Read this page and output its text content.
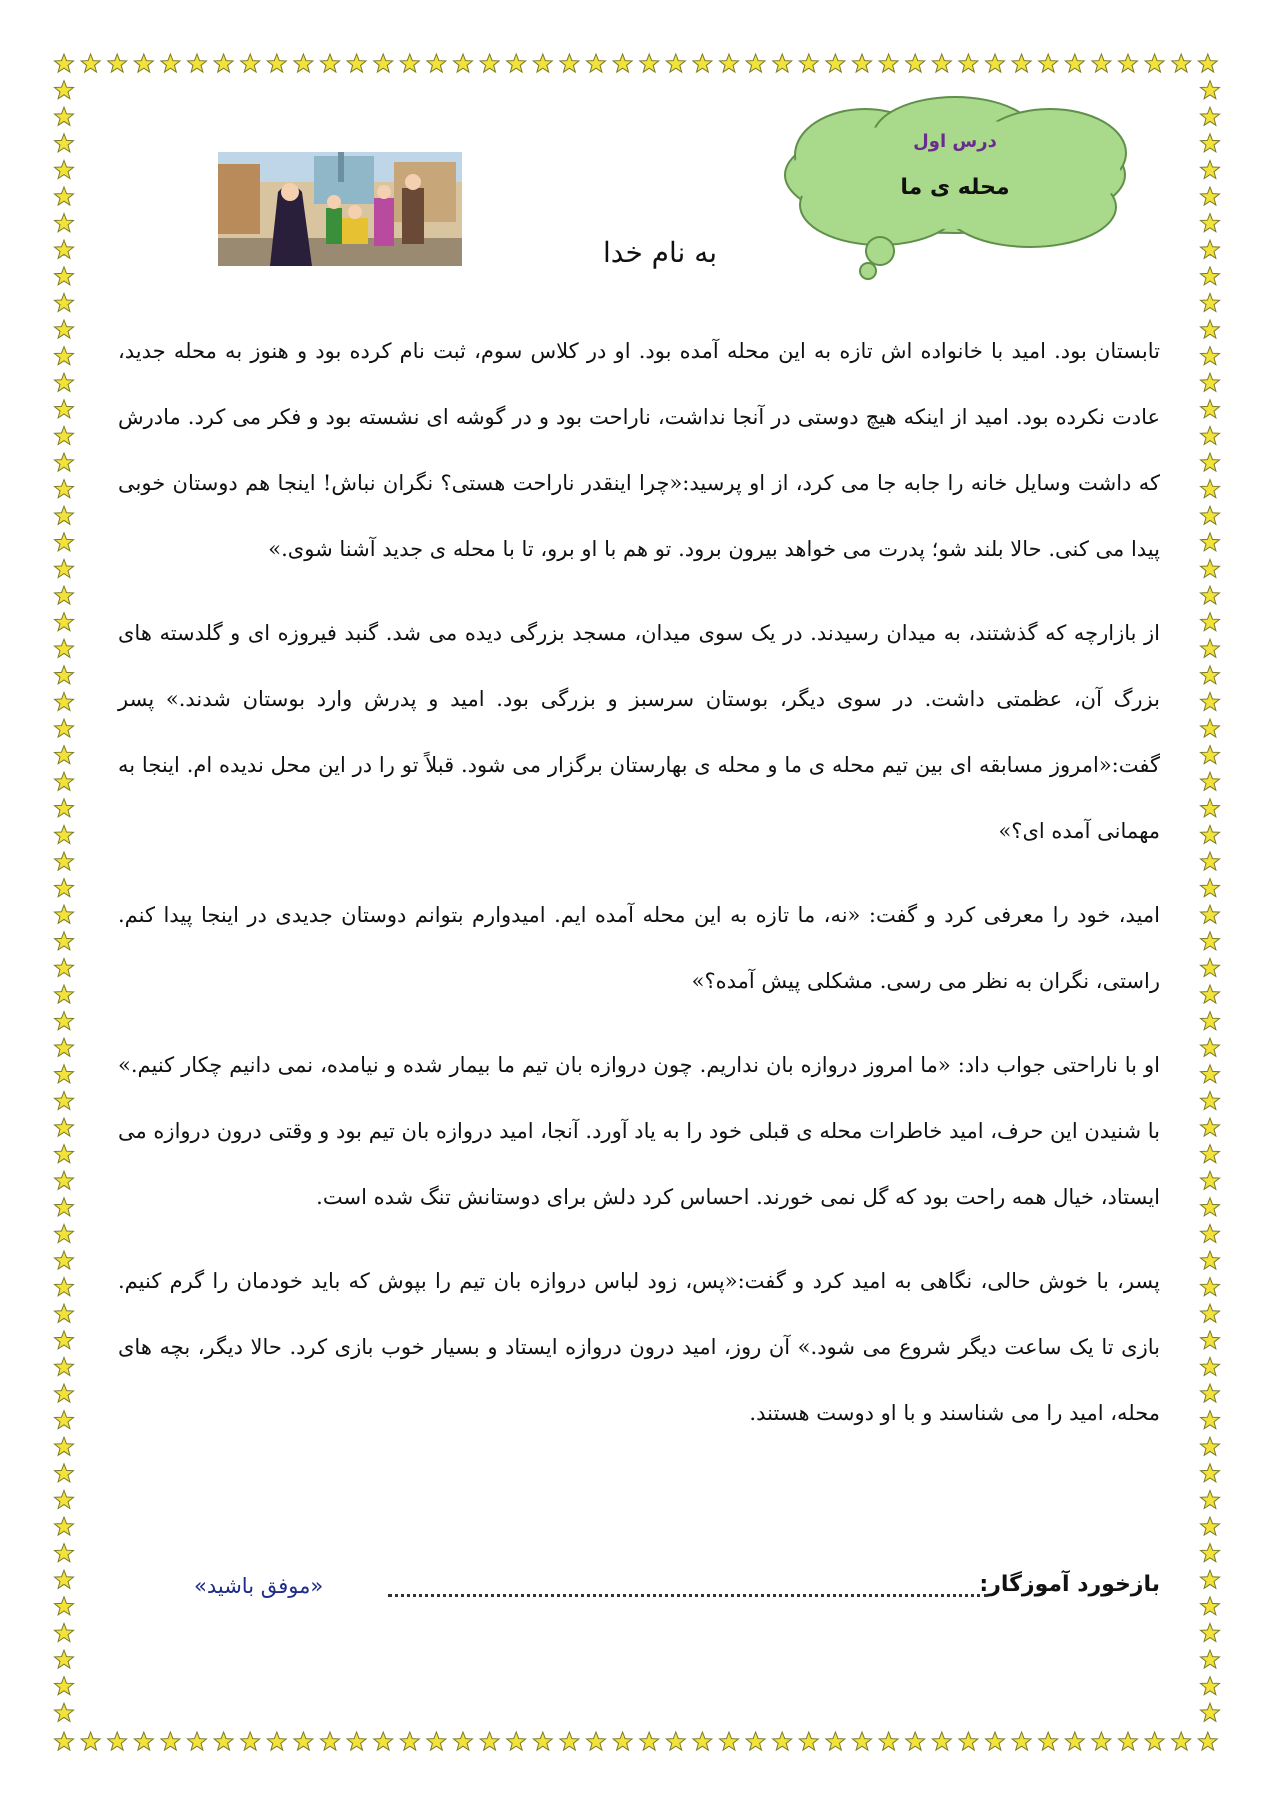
درس اول
محله ی ما
به نام خدا

تابستان بود. امید با خانواده اش تازه به این محله آمده بود. او در کلاس سوم، ثبت نام کرده بود و هنوز به محله جدید، عادت نکرده بود. امید از اینکه هیچ دوستی در آنجا نداشت، ناراحت بود و در گوشه ای نشسته بود و فکر می کرد. مادرش که داشت وسایل خانه را جابه جا می کرد، از او پرسید:«چرا اینقدر ناراحت هستی؟ نگران نباش! اینجا هم دوستان خوبی پیدا می کنی. حالا بلند شو؛ پدرت می خواهد بیرون برود. تو هم با او برو، تا با محله ی جدید آشنا شوی.»

از بازارچه که گذشتند، به میدان رسیدند. در یک سوی میدان، مسجد بزرگی دیده می شد. گنبد فیروزه ای و گلدسته های بزرگ آن، عظمتی داشت. در سوی دیگر، بوستان سرسبز و بزرگی بود. امید و پدرش وارد بوستان شدند.» پسر گفت:«امروز مسابقه ای بین تیم محله ی ما و محله ی بهارستان برگزار می شود. قبلاً تو را در این محل ندیده ام. اینجا به مهمانی آمده ای؟»

امید، خود را معرفی کرد و گفت: «نه، ما تازه به این محله آمده ایم. امیدوارم بتوانم دوستان جدیدی در اینجا پیدا کنم. راستی، نگران به نظر می رسی. مشکلی پیش آمده؟»

او با ناراحتی جواب داد: «ما امروز دروازه بان نداریم. چون دروازه بان تیم ما بیمار شده و نیامده، نمی دانیم چکار کنیم.» با شنیدن این حرف، امید خاطرات محله ی قبلی خود را به یاد آورد. آنجا، امید دروازه بان تیم بود و وقتی درون دروازه می ایستاد، خیال همه راحت بود که گل نمی خورند. احساس کرد دلش برای دوستانش تنگ شده است.

پسر، با خوش حالی، نگاهی به امید کرد و گفت:«پس، زود لباس دروازه بان تیم را بپوش که باید خودمان را گرم کنیم. بازی تا یک ساعت دیگر شروع می شود.» آن روز، امید درون دروازه ایستاد و بسیار خوب بازی کرد. حالا دیگر، بچه های محله، امید را می شناسند و با او دوست هستند.

بازخورد آموزگار:
«موفق باشید»
